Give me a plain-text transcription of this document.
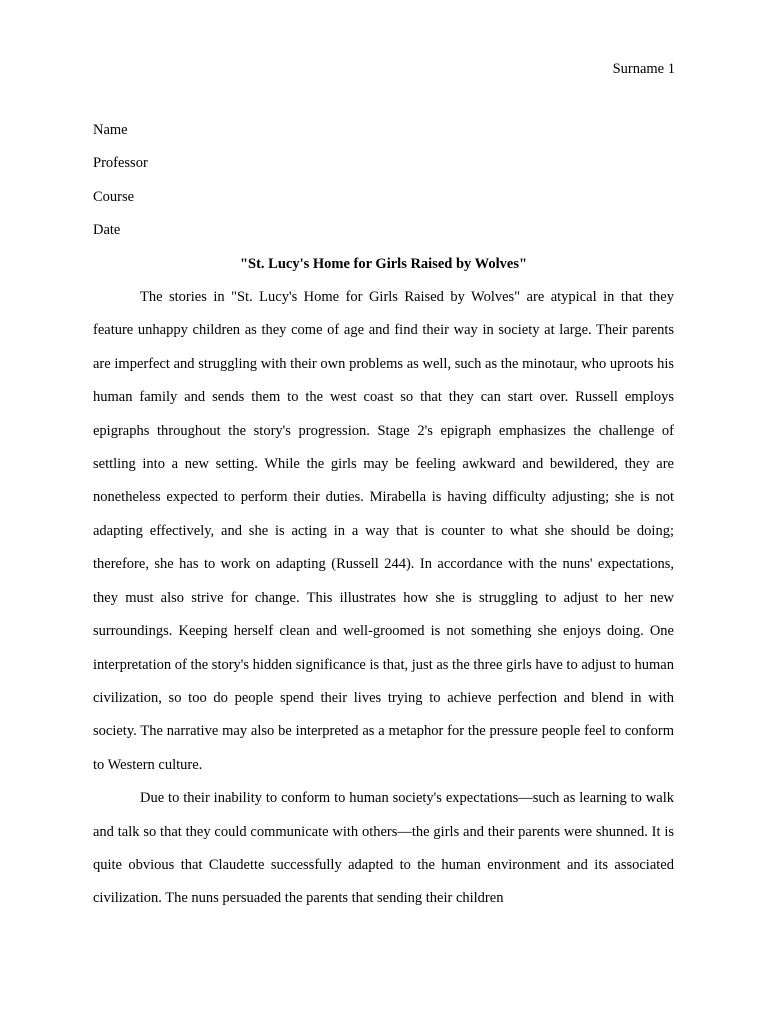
Surname 1

Name

Professor

Course

Date

"St. Lucy's Home for Girls Raised by Wolves"

The stories in "St. Lucy's Home for Girls Raised by Wolves" are atypical in that they feature unhappy children as they come of age and find their way in society at large. Their parents are imperfect and struggling with their own problems as well, such as the minotaur, who uproots his human family and sends them to the west coast so that they can start over. Russell employs epigraphs throughout the story's progression. Stage 2's epigraph emphasizes the challenge of settling into a new setting. While the girls may be feeling awkward and bewildered, they are nonetheless expected to perform their duties. Mirabella is having difficulty adjusting; she is not adapting effectively, and she is acting in a way that is counter to what she should be doing; therefore, she has to work on adapting (Russell 244). In accordance with the nuns' expectations, they must also strive for change. This illustrates how she is struggling to adjust to her new surroundings. Keeping herself clean and well-groomed is not something she enjoys doing. One interpretation of the story's hidden significance is that, just as the three girls have to adjust to human civilization, so too do people spend their lives trying to achieve perfection and blend in with society. The narrative may also be interpreted as a metaphor for the pressure people feel to conform to Western culture.

Due to their inability to conform to human society's expectations—such as learning to walk and talk so that they could communicate with others—the girls and their parents were shunned. It is quite obvious that Claudette successfully adapted to the human environment and its associated civilization. The nuns persuaded the parents that sending their children
